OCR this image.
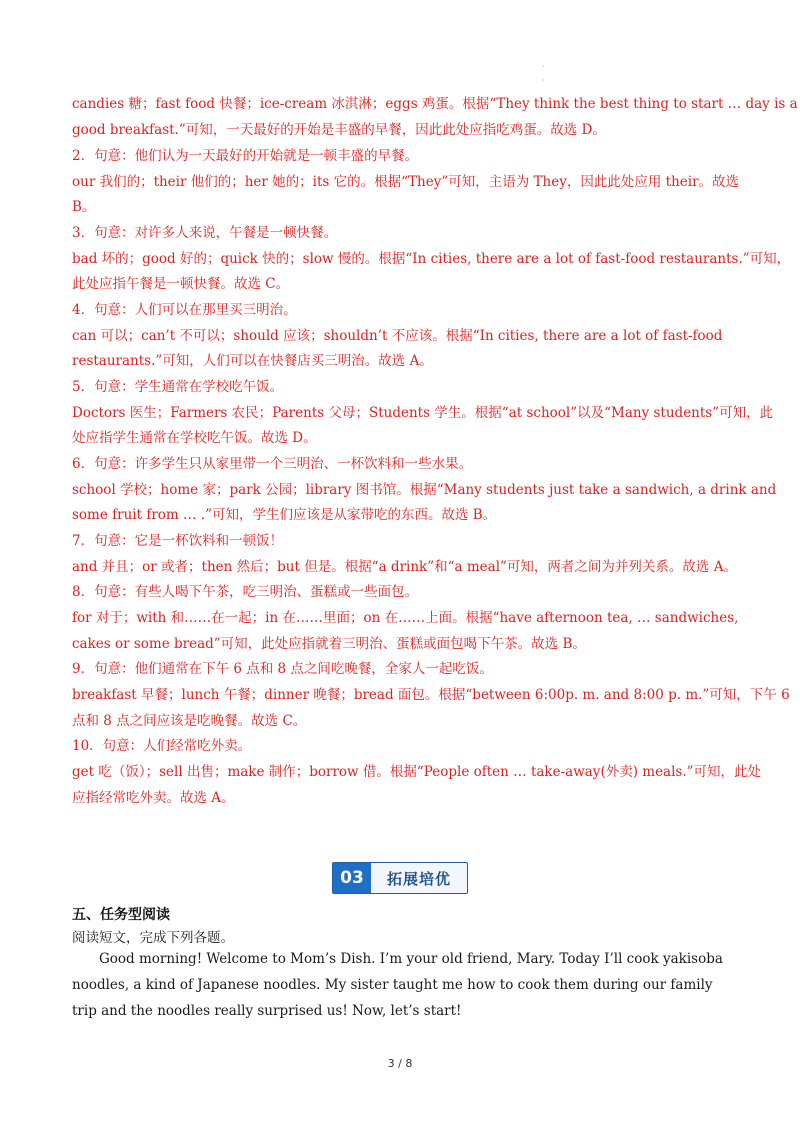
·
·
candies 糖；fast food 快餐；ice-cream 冰淇淋；eggs 鸡蛋。根据“They think the best thing to start … day is a
good breakfast.”可知，一天最好的开始是丰盛的早餐，因此此处应指吃鸡蛋。故选 D。
2．句意：他们认为一天最好的开始就是一顿丰盛的早餐。
our 我们的；their 他们的；her 她的；its 它的。根据“They”可知，主语为 They，因此此处应用 their。故选
B。
3．句意：对许多人来说，午餐是一顿快餐。
bad 坏的；good 好的；quick 快的；slow 慢的。根据“In cities, there are a lot of fast-food restaurants.”可知，
此处应指午餐是一顿快餐。故选 C。
4．句意：人们可以在那里买三明治。
can 可以；can’t 不可以；should 应该；shouldn’t 不应该。根据“In cities, there are a lot of fast-food
restaurants.”可知，人们可以在快餐店买三明治。故选 A。
5．句意：学生通常在学校吃午饭。
Doctors 医生；Farmers 农民；Parents 父母；Students 学生。根据“at school”以及“Many students”可知，此
处应指学生通常在学校吃午饭。故选 D。
6．句意：许多学生只从家里带一个三明治、一杯饮料和一些水果。
school 学校；home 家；park 公园；library 图书馆。根据“Many students just take a sandwich, a drink and
some fruit from … .”可知，学生们应该是从家带吃的东西。故选 B。
7．句意：它是一杯饮料和一顿饭！
and 并且；or 或者；then 然后；but 但是。根据“a drink”和“a meal”可知，两者之间为并列关系。故选 A。
8．句意：有些人喝下午茶，吃三明治、蛋糕或一些面包。
for 对于；with 和……在一起；in 在……里面；on 在……上面。根据“have afternoon tea, … sandwiches,
cakes or some bread”可知，此处应指就着三明治、蛋糕或面包喝下午茶。故选 B。
9．句意：他们通常在下午 6 点和 8 点之间吃晚餐，全家人一起吃饭。
breakfast 早餐；lunch 午餐；dinner 晚餐；bread 面包。根据“between 6:00p. m. and 8:00 p. m.”可知，下午 6
点和 8 点之间应该是吃晚餐。故选 C。
10．句意：人们经常吃外卖。
get 吃（饭）；sell 出售；make 制作；borrow 借。根据“People often … take-away(外卖) meals.”可知，此处
应指经常吃外卖。故选 A。
03	拓展培优
五、任务型阅读
阅读短文，完成下列各题。
Good morning! Welcome to Mom’s Dish. I’m your old friend, Mary. Today I’ll cook yakisoba noodles, a kind of Japanese noodles. My sister taught me how to cook them during our family trip and the noodles really surprised us! Now, let’s start!
3 / 8
